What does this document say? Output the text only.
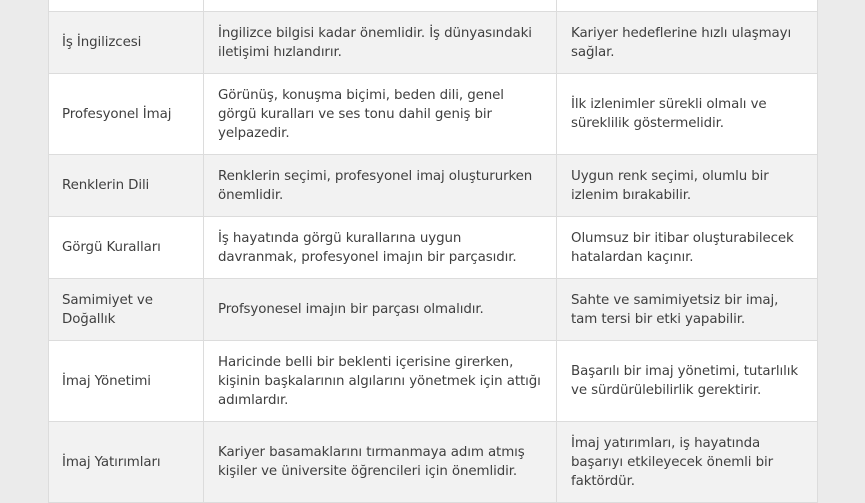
İş İngilizcesi	İngilizce bilgisi kadar önemlidir. İş dünyasındaki iletişimi hızlandırır.	Kariyer hedeflerine hızlı ulaşmayı sağlar.
Profesyonel İmaj	Görünüş, konuşma biçimi, beden dili, genel görgü kuralları ve ses tonu dahil geniş bir yelpazedir.	İlk izlenimler sürekli olmalı ve süreklilik göstermelidir.
Renklerin Dili	Renklerin seçimi, profesyonel imaj oluştururken önemlidir.	Uygun renk seçimi, olumlu bir izlenim bırakabilir.
Görgü Kuralları	İş hayatında görgü kurallarına uygun davranmak, profesyonel imajın bir parçasıdır.	Olumsuz bir itibar oluşturabilecek hatalardan kaçınır.
Samimiyet ve Doğallık	Profsyonesel imajın bir parçası olmalıdır.	Sahte ve samimiyetsiz bir imaj, tam tersi bir etki yapabilir.
İmaj Yönetimi	Haricinde belli bir beklenti içerisine girerken, kişinin başkalarının algılarını yönetmek için attığı adımlardır.	Başarılı bir imaj yönetimi, tutarlılık ve sürdürülebilirlik gerektirir.
İmaj Yatırımları	Kariyer basamaklarını tırmanmaya adım atmış kişiler ve üniversite öğrencileri için önemlidir.	İmaj yatırımları, iş hayatında başarıyı etkileyecek önemli bir faktördür.
